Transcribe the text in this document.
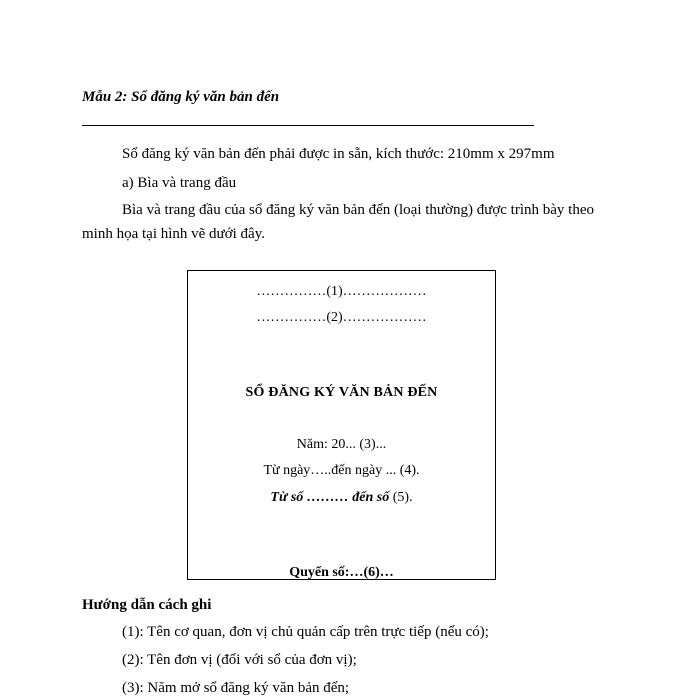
Mẫu 2: Sổ đăng ký văn bản đến
Sổ đăng ký văn bản đến phải được in sẵn, kích thước: 210mm x 297mm
a) Bìa và trang đầu
Bìa và trang đầu của sổ đăng ký văn bản đến (loại thường) được trình bày theo
minh họa tại hình vẽ dưới đây.
……………(1)………………
……………(2)………………
SỔ ĐĂNG KÝ VĂN BẢN ĐẾN
Năm: 20... (3)...
Từ ngày…..đến ngày ... (4).
Từ số ……… đến số (5).
Quyển số:…(6)…
Hướng dẫn cách ghi
(1): Tên cơ quan, đơn vị chủ quản cấp trên trực tiếp (nếu có);
(2): Tên đơn vị (đối với sổ của đơn vị);
(3): Năm mở sổ đăng ký văn bản đến;
